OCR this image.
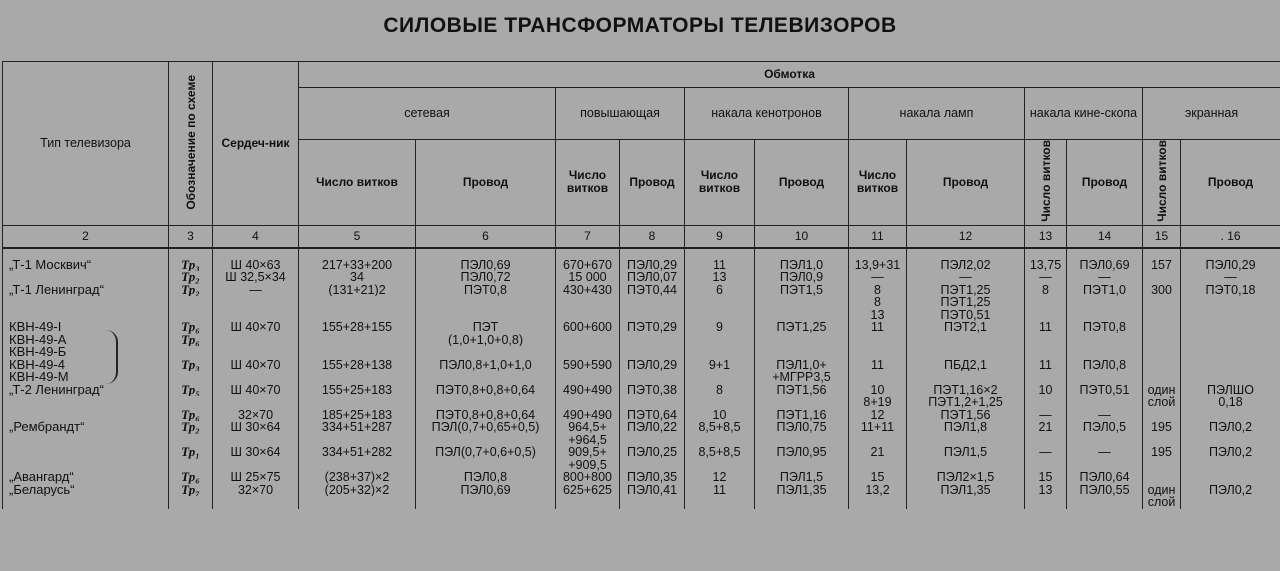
СИЛОВЫЕ ТРАНСФОРМАТОРЫ ТЕЛЕВИЗОРОВ
Тип телевизора	Обозначение по схеме	Сердеч-ник	Обмотка											
			сетевая		повышающая		накала кенотронов		накала ламп		накала кине-скопа		экранная	
			Число витков	Провод	Число витков	Провод	Число витков	Провод	Число витков	Провод	Число витков	Провод	Число витков	Провод
2	3	4	5	6	7	8	9	10	11	12	13	14	15	. 16

„Т-1 Москвич“	Тр₃	Ш 40×63	217+33+200	ПЭЛ0,69	670+670	ПЭЛ0,29	11	ПЭЛ1,0	13,9+31	ПЭЛ2,02	13,75	ПЭЛ0,69	157	ПЭЛ0,29
	Тр₂	Ш 32,5×34	34	ПЭЛ0,72	15 000	ПЭЛ0,07	13	ПЭЛ0,9	—	—	—	—		—
„Т-1 Ленинград“	Тр₂	—	(131+21)2	ПЭТ0,8	430+430	ПЭТ0,44	6	ПЭТ1,5	8	ПЭТ1,25	8	ПЭТ1,0	300	ПЭТ0,18
									8	ПЭТ1,25				
									13	ПЭТ0,51				
КВН-49-І	Тр₆	Ш 40×70	155+28+155	ПЭТ	600+600	ПЭТ0,29	9	ПЭТ1,25	11	ПЭТ2,1	11	ПЭТ0,8		
КВН-49-А	Тр₆			(1,0+1,0+0,8)										
КВН-49-Б														
КВН-49-4	Тр₃	Ш 40×70	155+28+138	ПЭЛ0,8+1,0+1,0	590+590	ПЭЛ0,29	9+1	ПЭЛ1,0+	11	ПБД2,1	11	ПЭЛ0,8		
КВН-49-М								+МГРР3,5						
„Т-2 Ленинград“	Тр₅	Ш 40×70	155+25+183	ПЭТ0,8+0,8+0,64	490+490	ПЭТ0,38	8	ПЭТ1,56	10	ПЭТ1,16×2	10	ПЭТ0,51	один	ПЭЛШО
									8+19	ПЭТ1,2+1,25			слой	0,18
	Тр₆	32×70	185+25+183	ПЭТ0,8+0,8+0,64	490+490	ПЭТ0,64	10	ПЭТ1,16	12	ПЭТ1,56	—	—		
„Рембрандт“	Тр₂	Ш 30×64	334+51+287	ПЭЛ(0,7+0,65+0,5)	964,5+	ПЭЛ0,22	8,5+8,5	ПЭЛ0,75	11+11	ПЭЛ1,8	21	ПЭЛ0,5	195	ПЭЛ0,2
					+964,5									
	Тр₁	Ш 30×64	334+51+282	ПЭЛ(0,7+0,6+0,5)	909,5+	ПЭЛ0,25	8,5+8,5	ПЭЛ0,95	21	ПЭЛ1,5	—	—	195	ПЭЛ0,2
					+909,5									
„Авангард“	Тр₆	Ш 25×75	(238+37)×2	ПЭЛ0,8	800+800	ПЭЛ0,35	12	ПЭЛ1,5	15	ПЭЛ2×1,5	15	ПЭЛ0,64		
„Беларусь“	Тр₇	32×70	(205+32)×2	ПЭЛ0,69	625+625	ПЭЛ0,41	11	ПЭЛ1,35	13,2	ПЭЛ1,35	13	ПЭЛ0,55	один	ПЭЛ0,2
													слой	
